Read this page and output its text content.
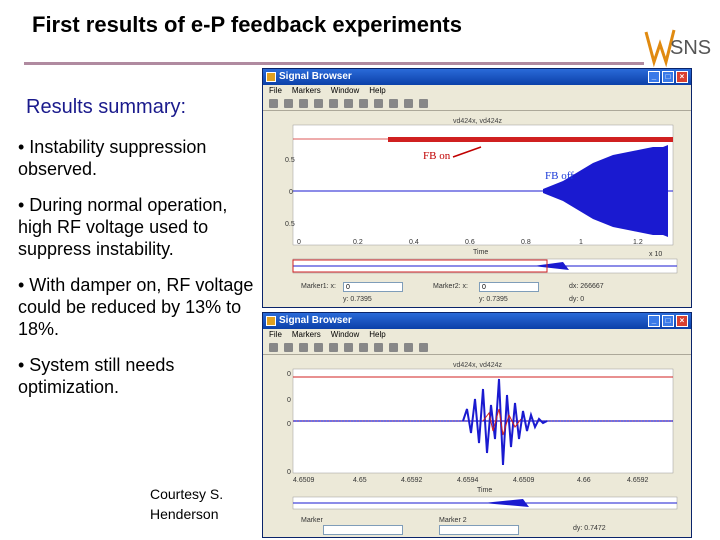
First results of e-P feedback experiments
SNS
Results summary:
• Instability suppression observed.
• During normal operation, high RF voltage used to suppress instability.
• With damper on, RF voltage could be reduced by 13% to 18%.
• System still needs optimization.
Courtesy S. Henderson
Signal Browser	_	□	×
File Markers Window Help
vd424x, vd424z
FB on
FB off
0.5
0
0.5
0	0.2	0.4	0.6	0.8	1	1.2
Time	x 10
Marker1: x:	0
y: 0.7395
Marker2: x:	0
y: 0.7395
dx: 266667
dy: 0
Signal Browser	_	□	×
File Markers Window Help
vd424x, vd424z
0
0
0
0
4.6509	4.65	4.6592	4.6594	4.6509	4.66	4.6592
Time
Marker	Marker 2
dy: 0.7472
